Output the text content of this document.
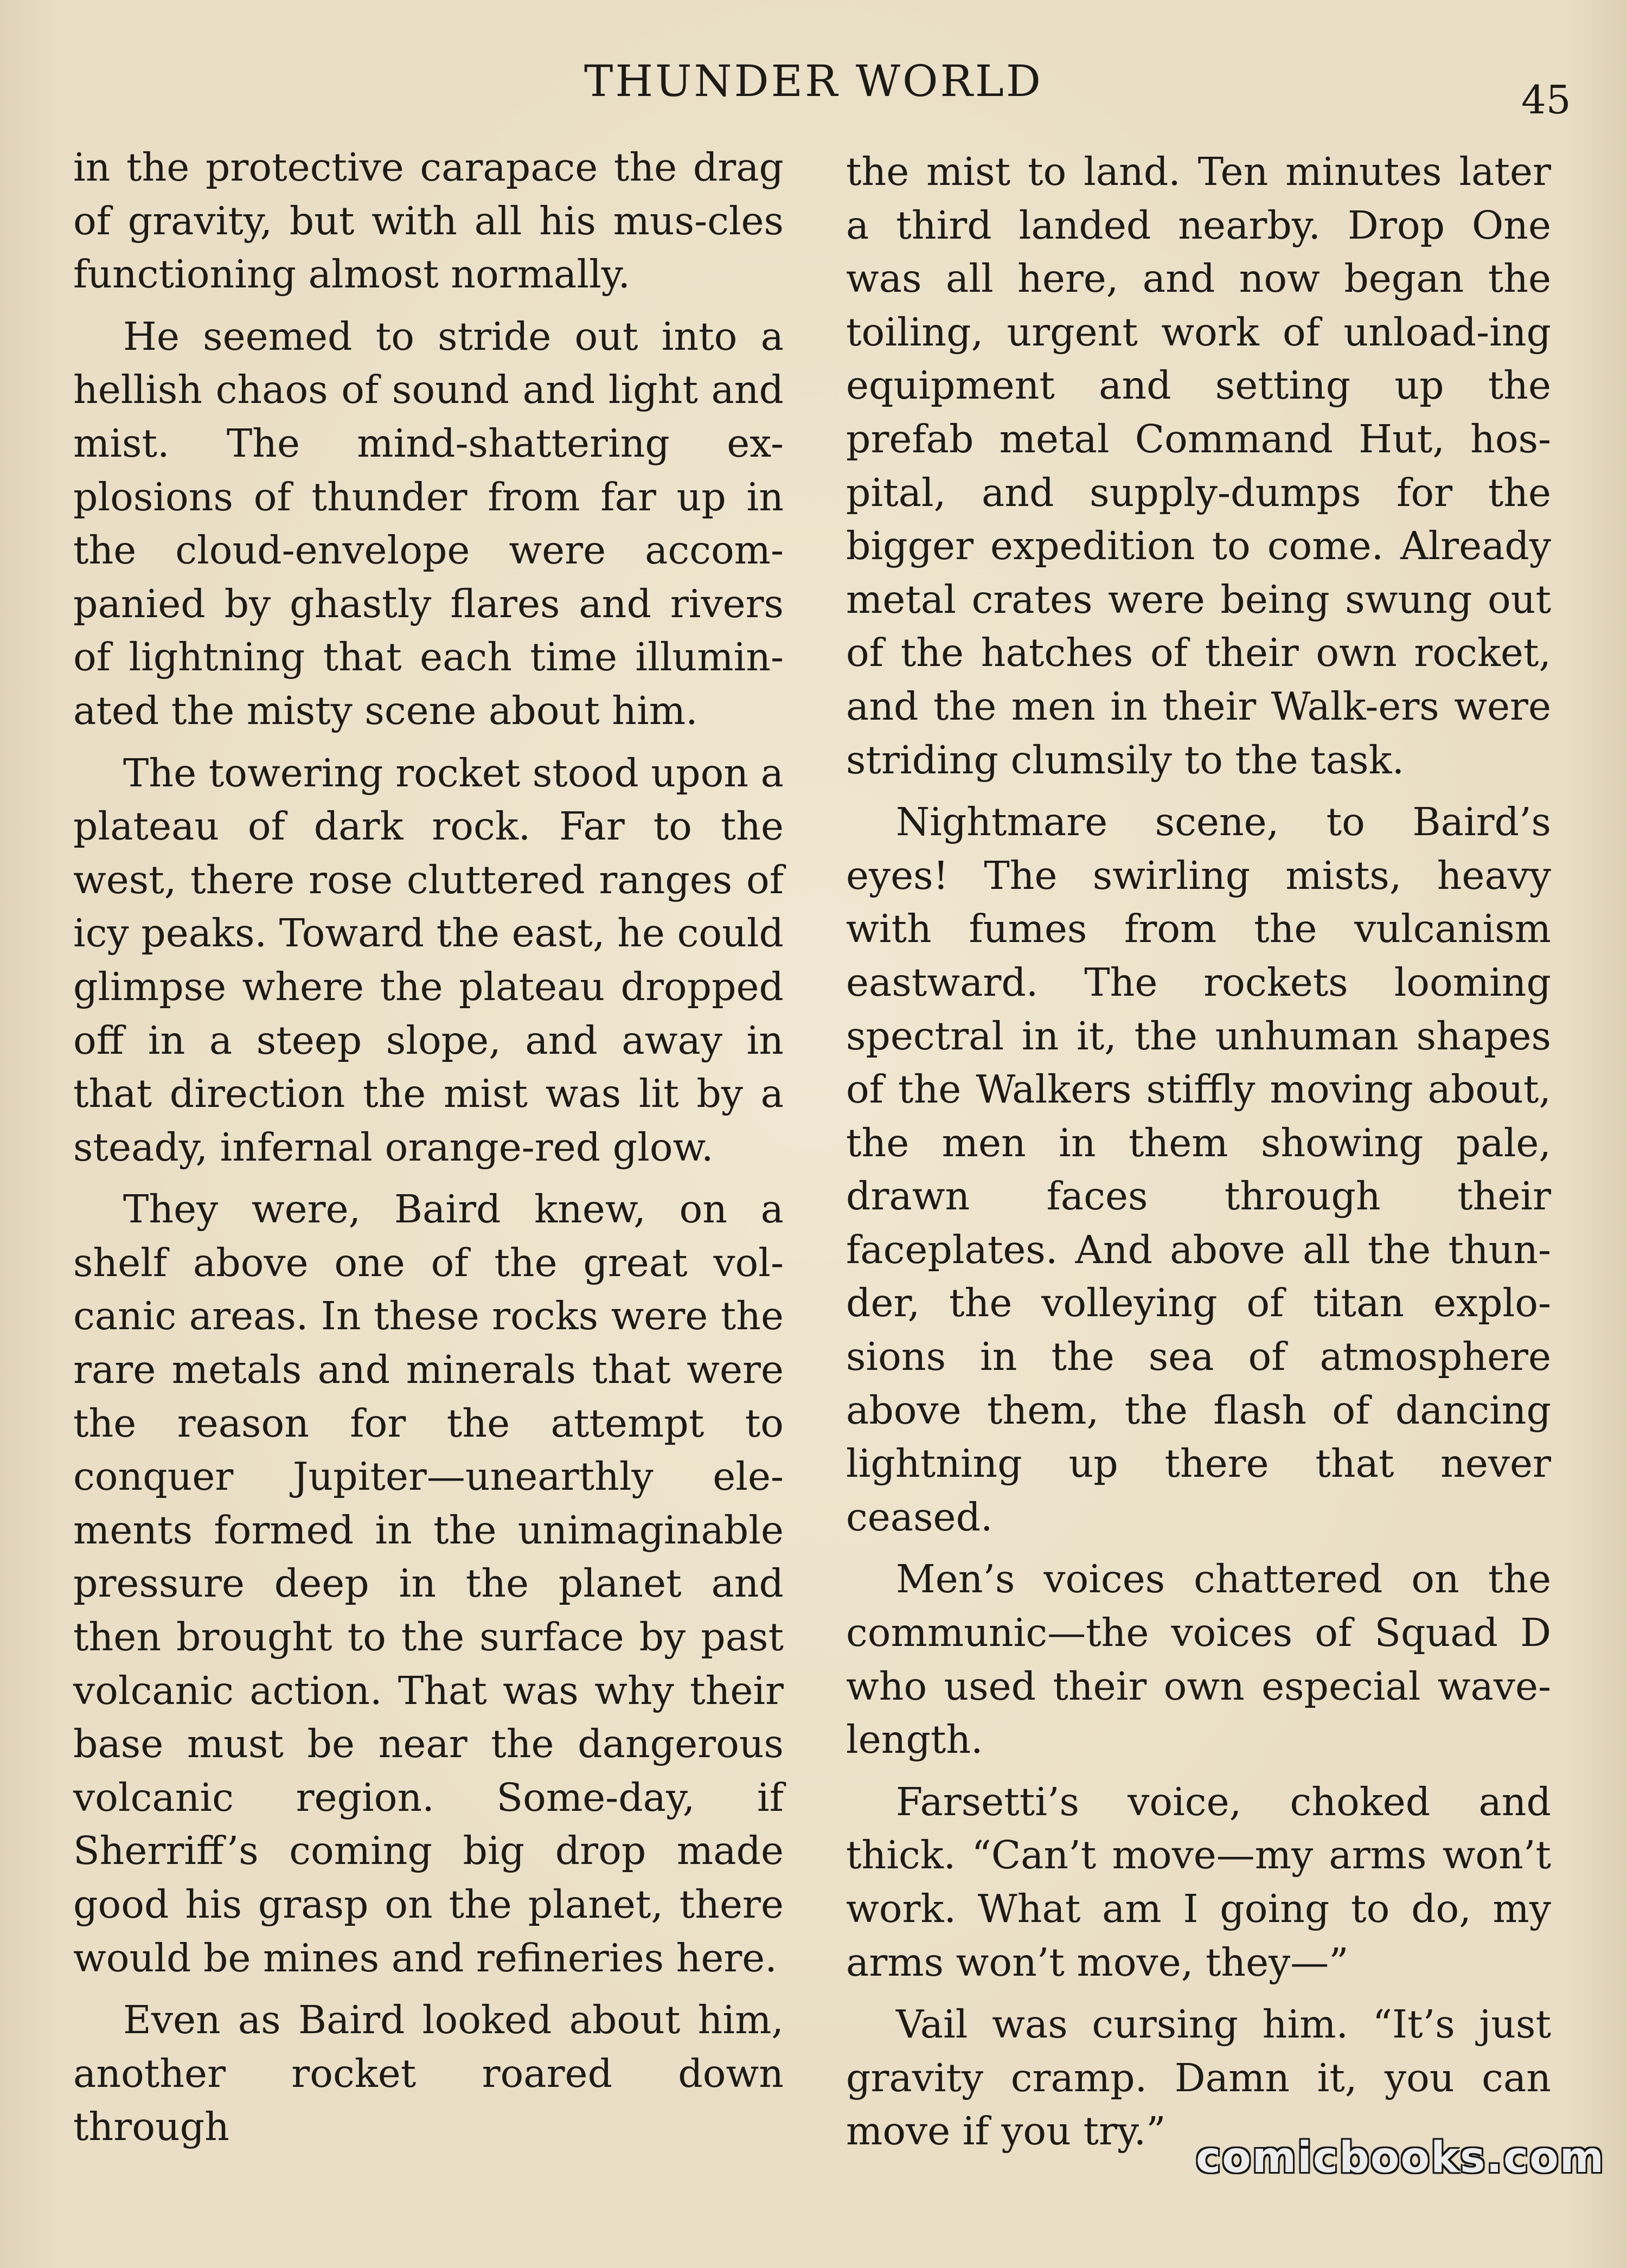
THUNDER WORLD	45

in the protective carapace the drag of gravity, but with all his mus-cles functioning almost normally.

He seemed to stride out into a hellish chaos of sound and light and mist. The mind-shattering ex-plosions of thunder from far up in the cloud-envelope were accom-panied by ghastly flares and rivers of lightning that each time illumin-ated the misty scene about him.

The towering rocket stood upon a plateau of dark rock. Far to the west, there rose cluttered ranges of icy peaks. Toward the east, he could glimpse where the plateau dropped off in a steep slope, and away in that direction the mist was lit by a steady, infernal orange-red glow.

They were, Baird knew, on a shelf above one of the great vol-canic areas. In these rocks were the rare metals and minerals that were the reason for the attempt to conquer Jupiter—unearthly ele-ments formed in the unimaginable pressure deep in the planet and then brought to the surface by past volcanic action. That was why their base must be near the dangerous volcanic region. Some-day, if Sherriff’s coming big drop made good his grasp on the planet, there would be mines and refineries here.

Even as Baird looked about him, another rocket roared down through

the mist to land. Ten minutes later a third landed nearby. Drop One was all here, and now began the toiling, urgent work of unload-ing equipment and setting up the prefab metal Command Hut, hos-pital, and supply-dumps for the bigger expedition to come. Already metal crates were being swung out of the hatches of their own rocket, and the men in their Walk-ers were striding clumsily to the task.

Nightmare scene, to Baird’s eyes! The swirling mists, heavy with fumes from the vulcanism eastward. The rockets looming spectral in it, the unhuman shapes of the Walkers stiffly moving about, the men in them showing pale, drawn faces through their faceplates. And above all the thun-der, the volleying of titan explo-sions in the sea of atmosphere above them, the flash of dancing lightning up there that never ceased.

Men’s voices chattered on the communic—the voices of Squad D who used their own especial wave-length.

Farsetti’s voice, choked and thick. “Can’t move—my arms won’t work. What am I going to do, my arms won’t move, they—”

Vail was cursing him. “It’s just gravity cramp. Damn it, you can move if you try.”

comicbooks.com
